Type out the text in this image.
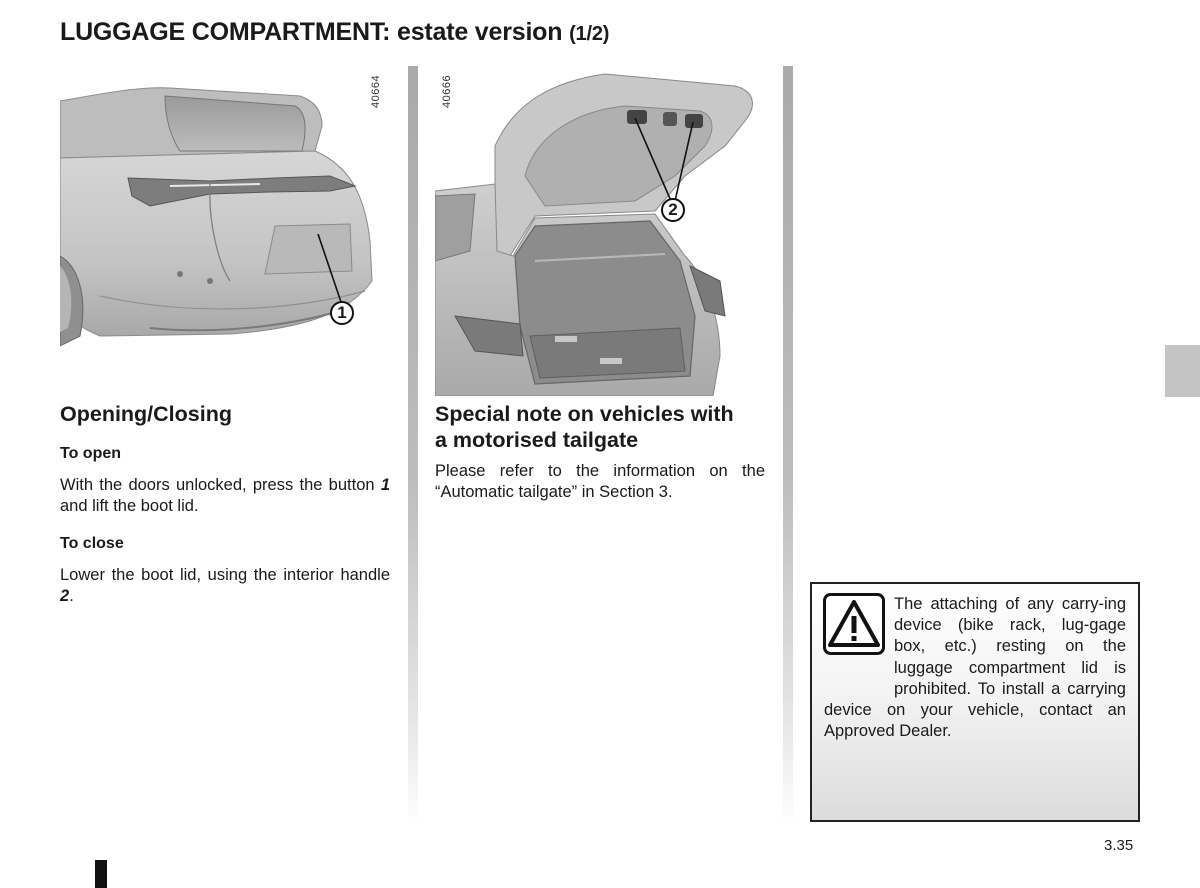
LUGGAGE COMPARTMENT: estate version (1/2)
40664
1
40666
2
Opening/Closing
To open
With the doors unlocked, press the button 1 and lift the boot lid.
To close
Lower the boot lid, using the interior handle 2.
Special note on vehicles with
a motorised tailgate
Please refer to the information on the “Automatic tailgate” in Section 3.
The attaching of any carry-ing device (bike rack, lug-gage box, etc.) resting on the luggage compartment lid is prohibited. To install a carrying device on your vehicle, contact an Approved Dealer.
3.35
